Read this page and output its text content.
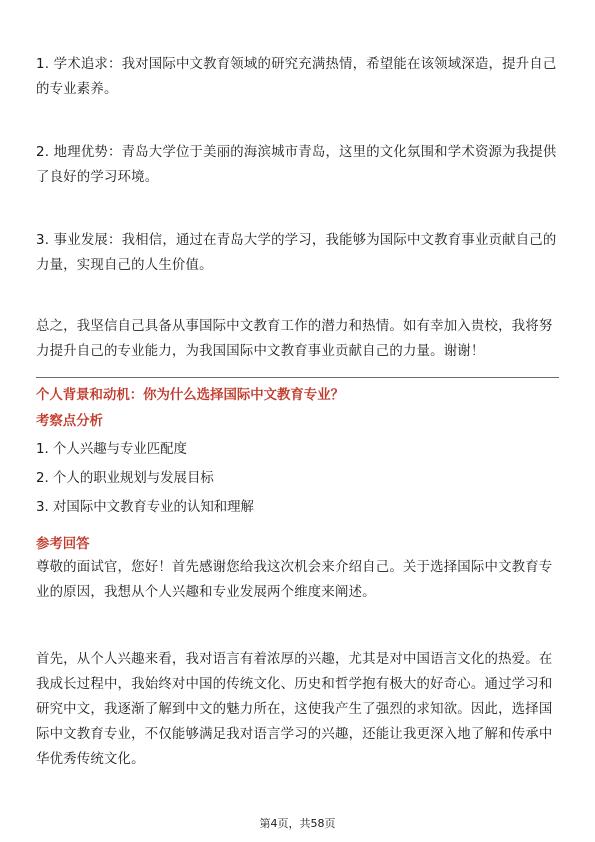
1. 学术追求：我对国际中文教育领域的研究充满热情，希望能在该领域深造，提升自己的专业素养。

2. 地理优势：青岛大学位于美丽的海滨城市青岛，这里的文化氛围和学术资源为我提供了良好的学习环境。

3. 事业发展：我相信，通过在青岛大学的学习，我能够为国际中文教育事业贡献自己的力量，实现自己的人生价值。

总之，我坚信自己具备从事国际中文教育工作的潜力和热情。如有幸加入贵校，我将努力提升自己的专业能力，为我国国际中文教育事业贡献自己的力量。谢谢！

个人背景和动机：你为什么选择国际中文教育专业？

考察点分析

1. 个人兴趣与专业匹配度

2. 个人的职业规划与发展目标

3. 对国际中文教育专业的认知和理解

参考回答

尊敬的面试官，您好！首先感谢您给我这次机会来介绍自己。关于选择国际中文教育专业的原因，我想从个人兴趣和专业发展两个维度来阐述。

首先，从个人兴趣来看，我对语言有着浓厚的兴趣，尤其是对中国语言文化的热爱。在我成长过程中，我始终对中国的传统文化、历史和哲学抱有极大的好奇心。通过学习和研究中文，我逐渐了解到中文的魅力所在，这使我产生了强烈的求知欲。因此，选择国际中文教育专业，不仅能够满足我对语言学习的兴趣，还能让我更深入地了解和传承中华优秀传统文化。

第4页，共58页
